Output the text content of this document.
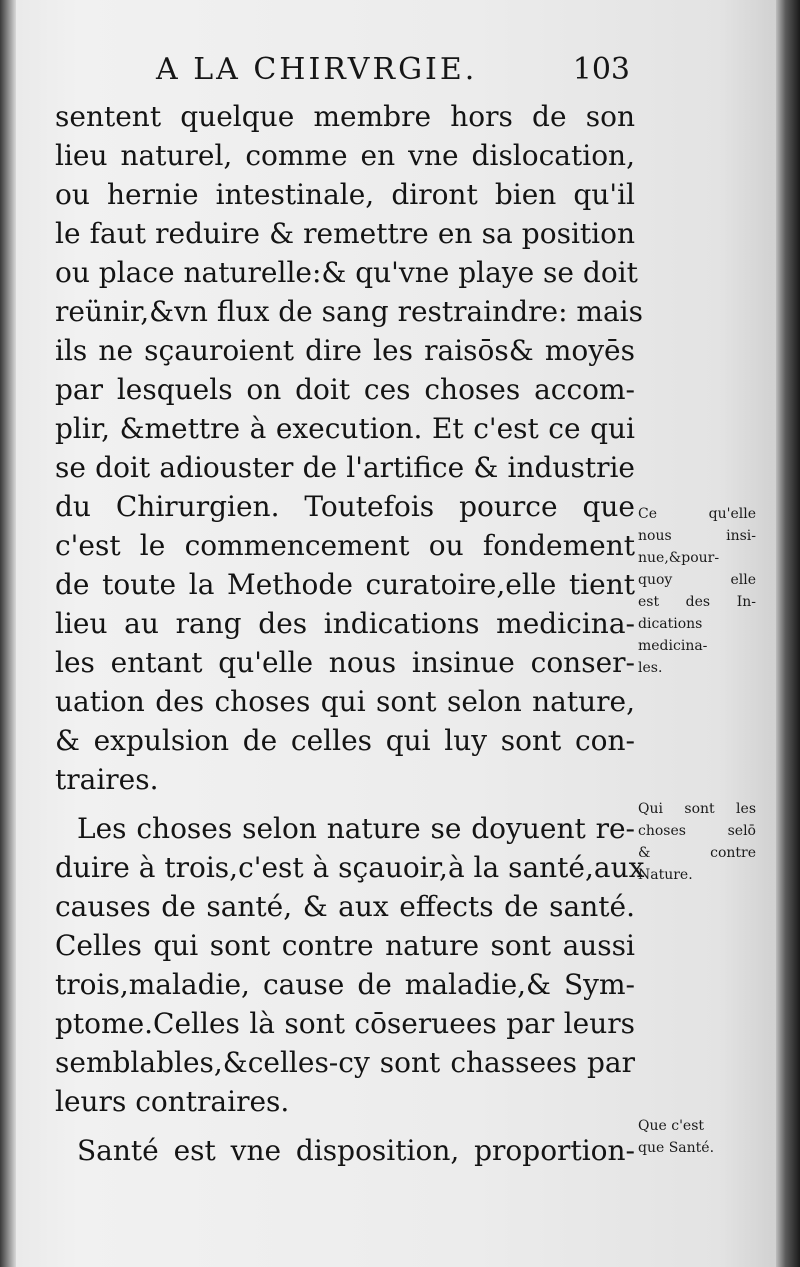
A LA CHIRVRGIE.	103
sentent quelque membre hors de son
lieu naturel, comme en vne dislocation,
ou hernie intestinale, diront bien qu'il
le faut reduire & remettre en sa position
ou place naturelle:& qu'vne playe se doit
reünir,&vn flux de sang restraindre: mais
ils ne sçauroient dire les raisōs& moyēs
par lesquels on doit ces choses accom-
plir, &mettre à execution. Et c'est ce qui
se doit adiouster de l'artifice & industrie
du Chirurgien. Toutefois pource que
c'est le commencement ou fondement
de toute la Methode curatoire,elle tient
lieu au rang des indications medicina-
les entant qu'elle nous insinue conser-
uation des choses qui sont selon nature,
& expulsion de celles qui luy sont con-
traires.
Les choses selon nature se doyuent re-
duire à trois,c'est à sçauoir,à la santé,aux
causes de santé, & aux effects de santé.
Celles qui sont contre nature sont aussi
trois,maladie, cause de maladie,& Sym-
ptome.Celles là sont cōseruees par leurs
semblables,&celles-cy sont chassees par
leurs contraires.
Santé est vne disposition, proportion-
Ce qu'elle
nous insi-
nue,&pour-
quoy elle
est des In-
dications
medicina-
les.
Qui sont les
choses selō
& contre
Nature.
Que c'est
que Santé.
